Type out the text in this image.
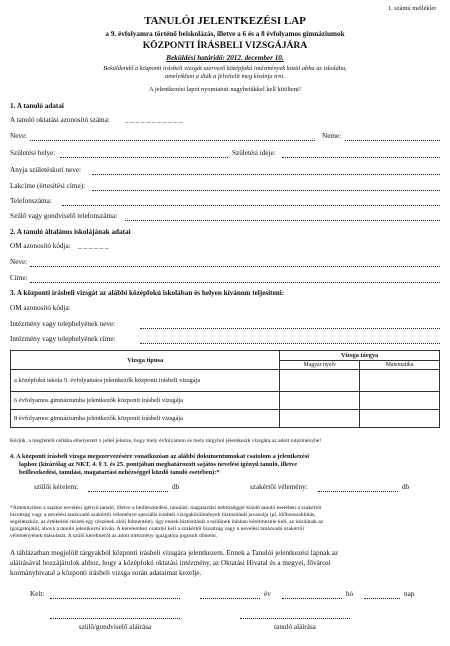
1. számú melléklet
TANULÓI JELENTKEZÉSI LAP
a 9. évfolyamra történő beiskolázás, illetve a 6 és a 8 évfolyamos gimnáziumok
KÖZPONTI ÍRÁSBELI VIZSGÁJÁRA
Beküldési határidő: 2012. december 10.
Beküldendő a központi írásbeli vizsgát szervező középfokú intézmények közül abba az iskolába,
amelyikben a diák a felvételit meg kívánja írni.
A jelentkezési lapot nyomtatott nagybetűkkel kell kitölteni!
1. A tanuló adatai
A tanuló oktatási azonosító száma: _ _ _ _ _ _ _ _ _ _ _
Neve:	Neme:
Születési helye:	Születési ideje:
Anyja születéskori neve:
Lakcíme (értesítési címe):
Telefonszáma:
Szülő vagy gondviselő telefonszáma:
2. A tanuló általános iskolájának adatai
OM azonosító kódja: _ _ _ _ _ _
Neve:
Címe:
3. A központi írásbeli vizsgát az alábbi középfokú iskolában és helyen kívánom teljesíteni:
OM azonosító kódja:
Intézmény vagy telephelyének neve:
Intézmény vagy telephelyének címe:
Vizsga típusa	Vizsga tárgya	
	Magyar nyelv	Matematika
a középfokú iskola 9. évfolyamára jelentkezők központi írásbeli vizsgája		
6 évfolyamos gimnáziumba jelentkezők központi írásbeli vizsgája		
8 évfolyamos gimnáziumba jelentkezők központi írásbeli vizsgája		
Kérjük, a megfelelő cellába elhelyezett x jellel jelezze, hogy mely évfolyamon és mely tárgyból jelentkezik vizsgára az adott intézménybe!
4. A központi írásbeli vizsga megszervezésére vonatkozóan az alábbi dokumentumokat csatolom a jelentkezési
laphoz (kizárólag az NKT. 4. § 3. és 25. pontjában meghatározott sajátos nevelési igényű tanuló, illetve
beilleszkedési, tanulási, magatartási nehézséggel küzdő tanuló esetében):*
szülői kérelem:	db	szakértői vélemény:	db
*Amennyiben a sajátos nevelési igényű tanuló, illetve a beilleszkedési, tanulási, magatartási nehézséggel küzdő tanuló esetében a szakértői
bizottság vagy a nevelési tanácsadó szakértői véleménye speciális írásbeli vizsgakörülmények biztosítását javasolja (pl. időhosszabbítás,
segédeszköz, az értékelési részek egy részének alóli felmentést), úgy ennek biztosítását a szülőnek írásban kérelmeznie kell, az iskolának az
igazgatójától, ahova a tanuló jelentkezni kíván. A kérelemhez csatolni kell a szakértői bizottság vagy a nevelési tanácsadó szakértői
véleményének másolatát. A szülő kérelméről az adott intézmény igazgatója jogosult dönteni.
A táblázatban megjelölt tárgyakból központi írásbeli vizsgára jelentkezem. Ennek a Tanulói jelentkezési lapnak az
aláírásával hozzájárulok ahhoz, hogy a középfokú oktatási intézmény, az Oktatási Hivatal és a megyei, fővárosi
kormányhivatal a központi írásbeli vizsga során adataimat kezelje.
Kelt:	év	hó	nap
szülő/gondviselő aláírása	tanuló aláírása
